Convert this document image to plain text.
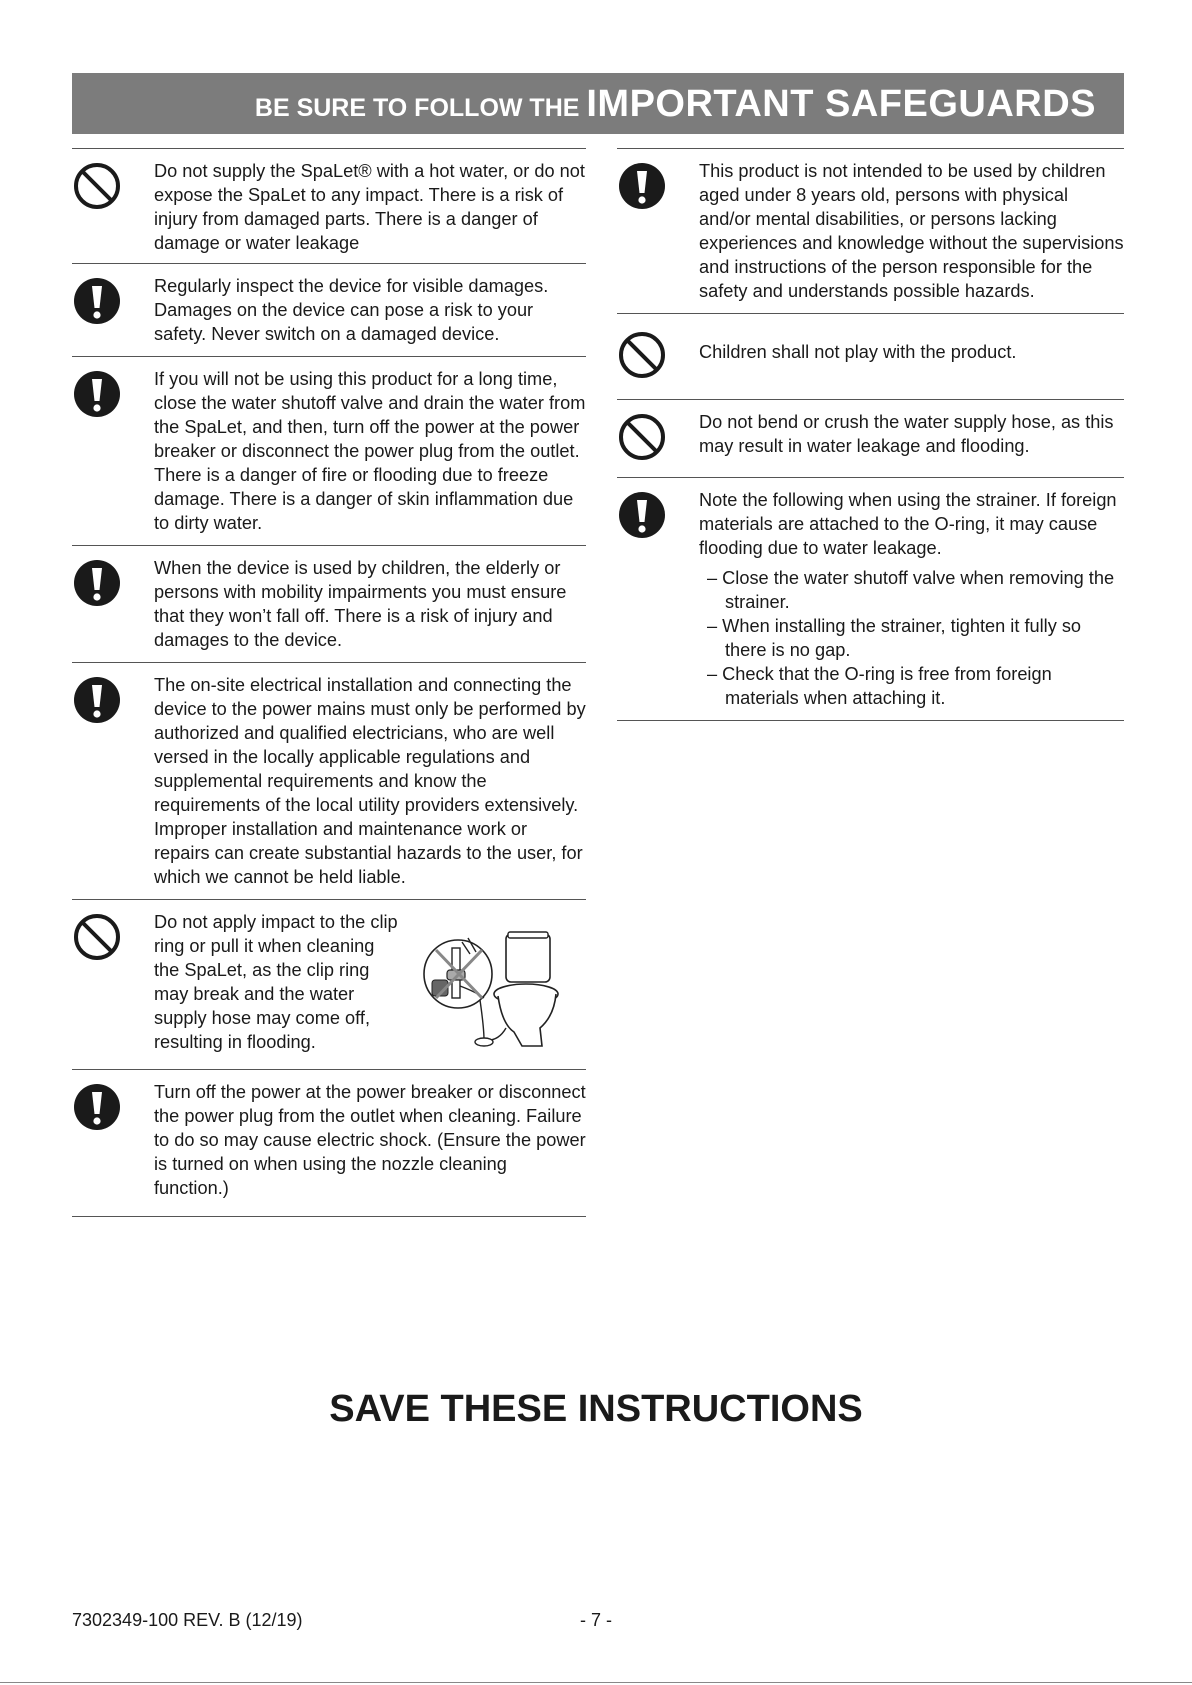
BE SURE TO FOLLOW THE IMPORTANT SAFEGUARDS

Do not supply the SpaLet® with a hot water, or do not expose the SpaLet to any impact. There is a risk of injury from damaged parts. There is a danger of damage or water leakage

Regularly inspect the device for visible damages. Damages on the device can pose a risk to your safety. Never switch on a damaged device.

If you will not be using this product for a long time, close the water shutoff valve and drain the water from the SpaLet, and then, turn off the power at the power breaker or disconnect the power plug from the outlet. There is a danger of fire or flooding due to freeze damage. There is a danger of skin inflammation due to dirty water.

When the device is used by children, the elderly or persons with mobility impairments you must ensure that they won’t fall off. There is a risk of injury and damages to the device.

The on-site electrical installation and connecting the device to the power mains must only be performed by authorized and qualified electricians, who are well versed in the locally applicable regulations and supplemental requirements and know the requirements of the local utility providers extensively. Improper installation and maintenance work or repairs can create substantial hazards to the user, for which we cannot be held liable.

Do not apply impact to the clip ring or pull it when cleaning the SpaLet, as the clip ring may break and the water supply hose may come off, resulting in flooding.

Turn off the power at the power breaker or disconnect the power plug from the outlet when cleaning. Failure to do so may cause electric shock. (Ensure the power is turned on when using the nozzle cleaning function.)

This product is not intended to be used by children aged under 8 years old, persons with physical and/or mental disabilities, or persons lacking experiences and knowledge without the supervisions and instructions of the person responsible for the safety and understands possible hazards.

Children shall not play with the product.

Do not bend or crush the water supply hose, as this may result in water leakage and flooding.

Note the following when using the strainer. If foreign materials are attached to the O-ring, it may cause flooding due to water leakage.

– Close the water shutoff valve when removing the strainer.
– When installing the strainer, tighten it fully so there is no gap.
– Check that the O-ring is free from foreign materials when attaching it.
SAVE THESE INSTRUCTIONS
7302349-100 REV. B (12/19)	- 7 -
